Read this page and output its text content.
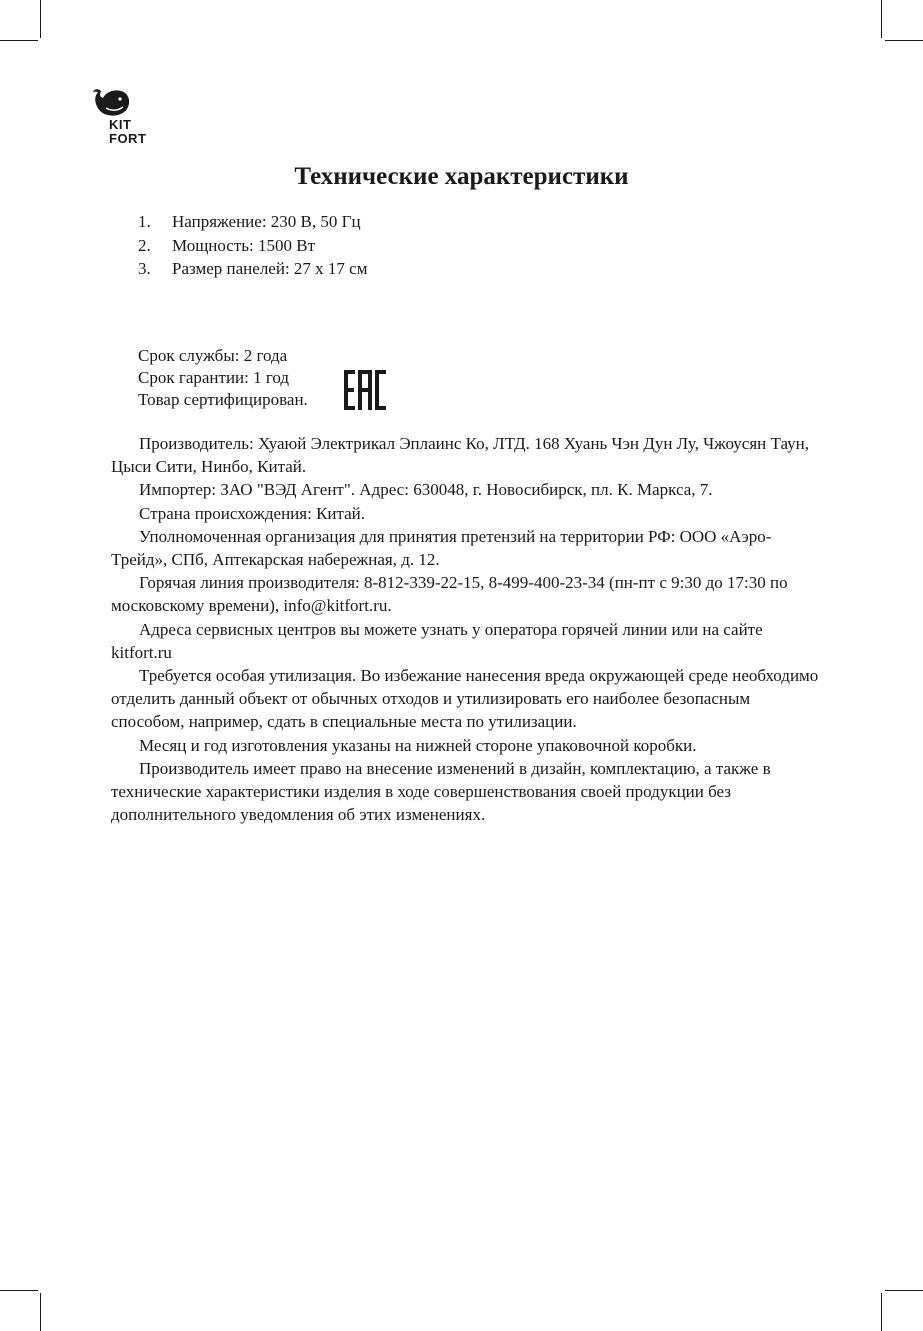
KIT
FORT
Технические характеристики
1.	Напряжение: 230 В, 50 Гц
2.	Мощность: 1500 Вт
3.	Размер панелей: 27 х 17 см
Срок службы: 2 года
Срок гарантии: 1 год
Товар сертифицирован.

Производитель: Хуаюй Электрикал Эплаинс Ко, ЛТД. 168 Хуань Чэн Дун Лу, Чжоусян Таун, Цыси Сити, Нинбо, Китай.

Импортер: ЗАО "ВЭД Агент". Адрес: 630048, г. Новосибирск, пл. К. Маркса, 7.

Страна происхождения: Китай.

Уполномоченная организация для принятия претензий на территории РФ: ООО «Аэро-Трейд», СПб, Аптекарская набережная, д. 12.

Горячая линия производителя: 8-812-339-22-15, 8-499-400-23-34 (пн-пт с 9:30 до 17:30 по московскому времени), info@kitfort.ru.

Адреса сервисных центров вы можете узнать у оператора горячей линии или на сайте kitfort.ru

Требуется особая утилизация. Во избежание нанесения вреда окружающей среде необходимо отделить данный объект от обычных отходов и утилизировать его наиболее безопасным способом, например, сдать в специальные места по утилизации.

Месяц и год изготовления указаны на нижней стороне упаковочной коробки.

Производитель имеет право на внесение изменений в дизайн, комплектацию, а также в технические характеристики изделия в ходе совершенствования своей продукции без дополнительного уведомления об этих изменениях.
